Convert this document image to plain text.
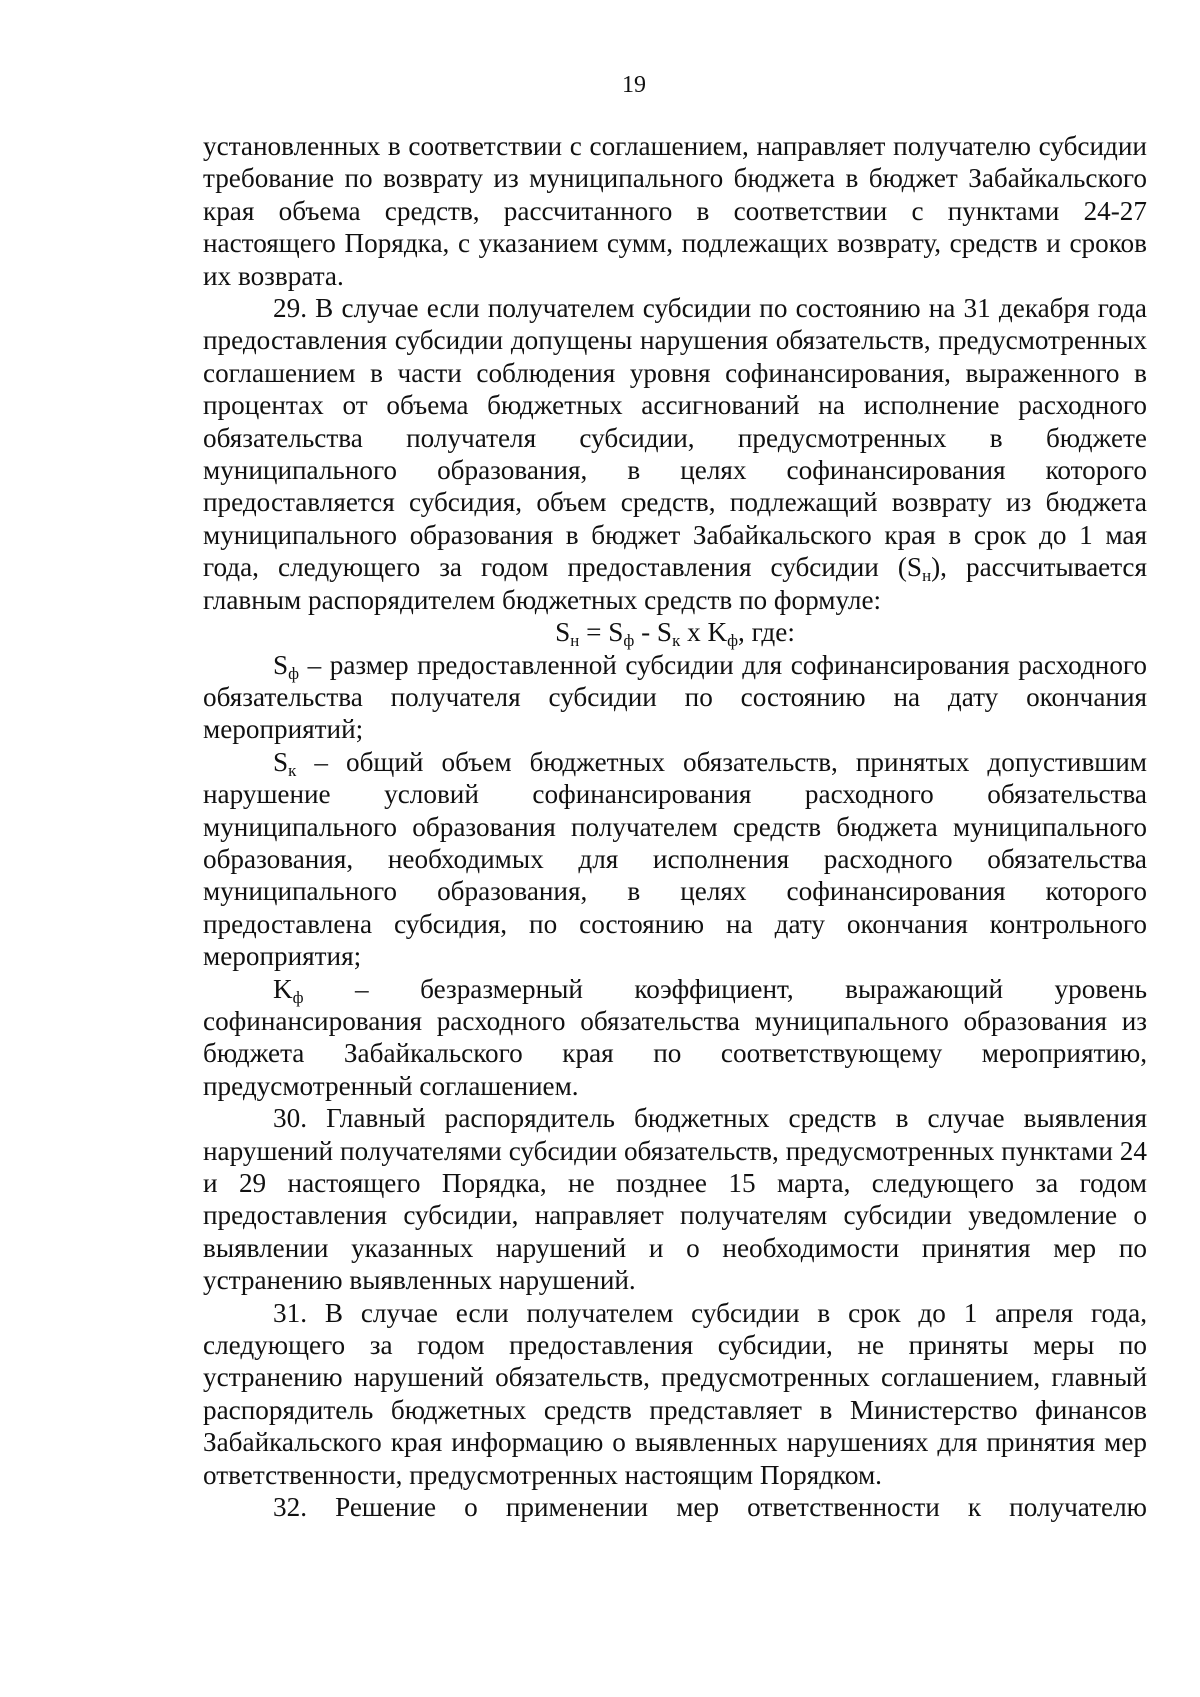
19

установленных в соответствии с соглашением, направляет получателю субсидии требование по возврату из муниципального бюджета в бюджет Забайкальского края объема средств, рассчитанного в соответствии с пунктами 24-27 настоящего Порядка, с указанием сумм, подлежащих возврату, средств и сроков их возврата.

29. В случае если получателем субсидии по состоянию на 31 декабря года предоставления субсидии допущены нарушения обязательств, предусмотренных соглашением в части соблюдения уровня софинансирования, выраженного в процентах от объема бюджетных ассигнований на исполнение расходного обязательства получателя субсидии, предусмотренных в бюджете муниципального образования, в целях софинансирования которого предоставляется субсидия, объем средств, подлежащий возврату из бюджета муниципального образования в бюджет Забайкальского края в срок до 1 мая года, следующего за годом предоставления субсидии $(S_н)$, рассчитывается главным распорядителем бюджетных средств по формуле:

$S_н = S_ф - S_к$ х $K_ф$, где:

$S_ф$ – размер предоставленной субсидии для софинансирования расходного обязательства получателя субсидии по состоянию на дату окончания мероприятий;

$S_к$ – общий объем бюджетных обязательств, принятых допустившим нарушение условий софинансирования расходного обязательства муниципального образования получателем средств бюджета муниципального образования, необходимых для исполнения расходного обязательства муниципального образования, в целях софинансирования которого предоставлена субсидия, по состоянию на дату окончания контрольного мероприятия;

$K_ф$ – безразмерный коэффициент, выражающий уровень софинансирования расходного обязательства муниципального образования из бюджета Забайкальского края по соответствующему мероприятию, предусмотренный соглашением.

30. Главный распорядитель бюджетных средств в случае выявления нарушений получателями субсидии обязательств, предусмотренных пунктами 24 и 29 настоящего Порядка, не позднее 15 марта, следующего за годом предоставления субсидии, направляет получателям субсидии уведомление о выявлении указанных нарушений и о необходимости принятия мер по устранению выявленных нарушений.

31. В случае если получателем субсидии в срок до 1 апреля года, следующего за годом предоставления субсидии, не приняты меры по устранению нарушений обязательств, предусмотренных соглашением, главный распорядитель бюджетных средств представляет в Министерство финансов Забайкальского края информацию о выявленных нарушениях для принятия мер ответственности, предусмотренных настоящим Порядком.

32. Решение о применении мер ответственности к получателю
